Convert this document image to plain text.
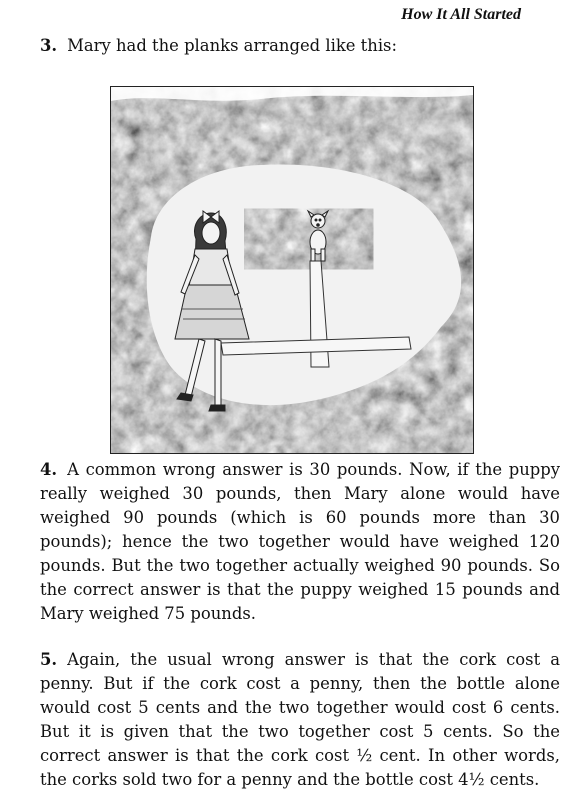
How It All Started
3. Mary had the planks arranged like this:
4. A common wrong answer is 30 pounds. Now, if the puppy really weighed 30 pounds, then Mary alone would have weighed 90 pounds (which is 60 pounds more than 30 pounds); hence the two together would have weighed 120 pounds. But the two together actually weighed 90 pounds. So the correct answer is that the puppy weighed 15 pounds and Mary weighed 75 pounds.
5. Again, the usual wrong answer is that the cork cost a penny. But if the cork cost a penny, then the bottle alone would cost 5 cents and the two together would cost 6 cents. But it is given that the two together cost 5 cents. So the correct answer is that the cork cost ½ cent. In other words, the corks sold two for a penny and the bottle cost 4½ cents.
